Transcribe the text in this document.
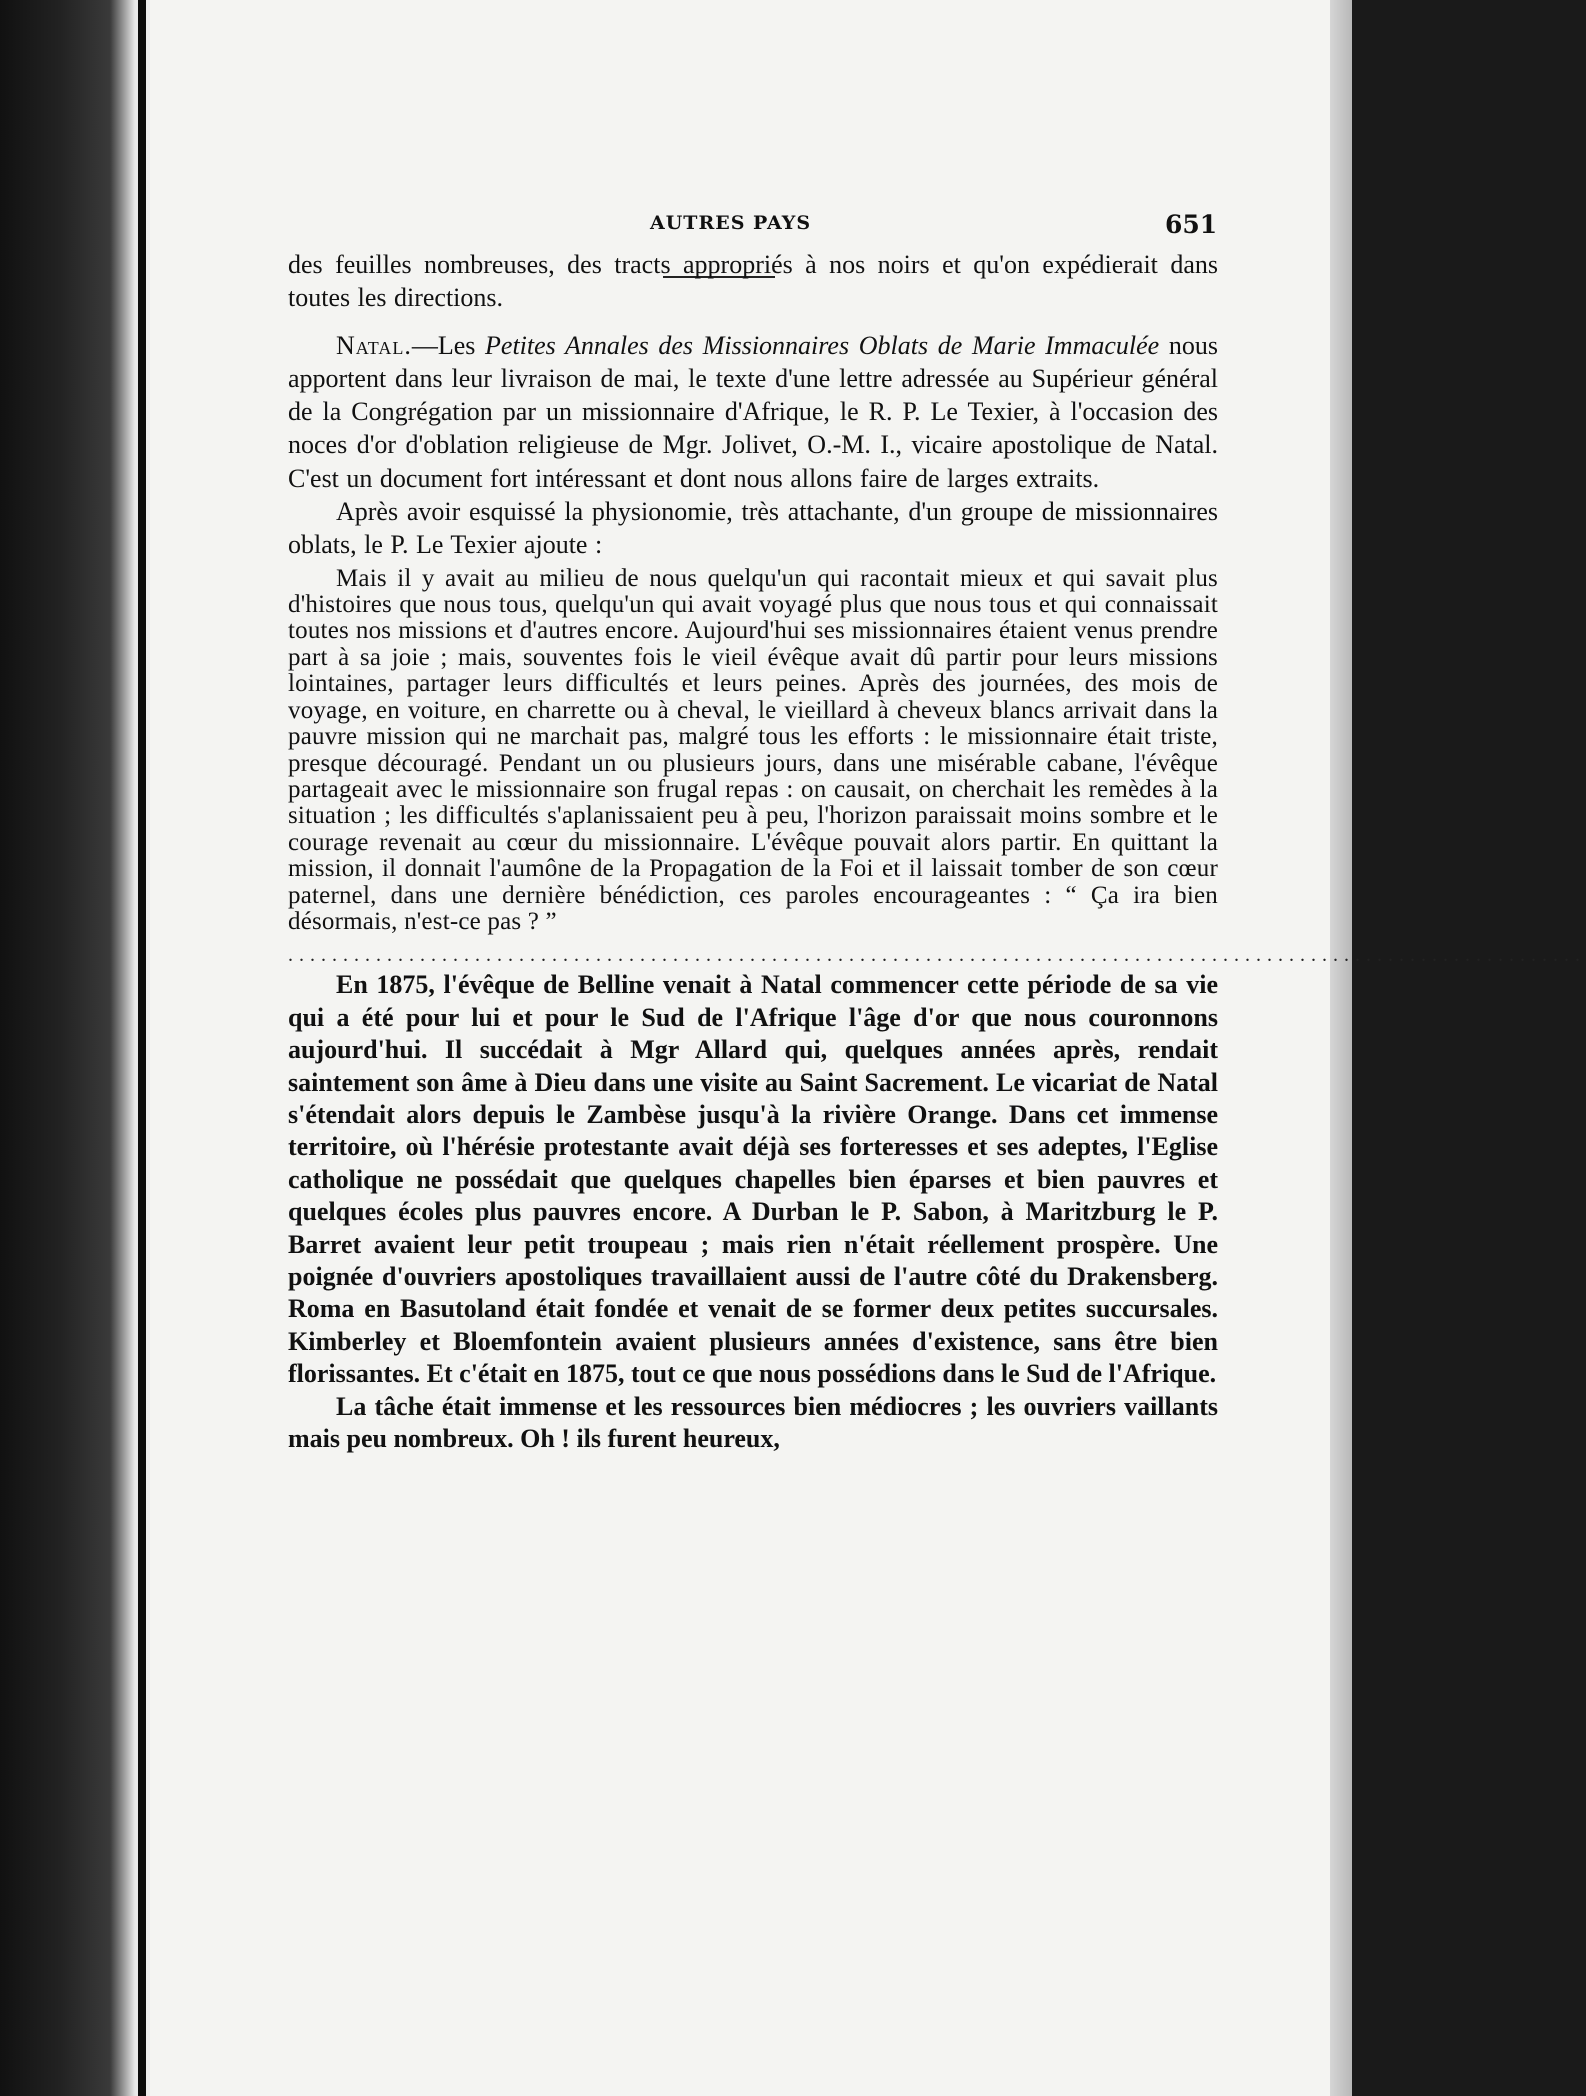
AUTRES PAYS	651

des feuilles nombreuses, des tracts appropriés à nos noirs et qu'on expédierait dans toutes les directions.

Natal.—Les Petites Annales des Missionnaires Oblats de Marie Immaculée nous apportent dans leur livraison de mai, le texte d'une lettre adressée au Supérieur général de la Congrégation par un missionnaire d'Afrique, le R. P. Le Texier, à l'occasion des noces d'or d'oblation religieuse de Mgr. Jolivet, O.-M. I., vicaire apostolique de Natal. C'est un document fort intéressant et dont nous allons faire de larges extraits.

Après avoir esquissé la physionomie, très attachante, d'un groupe de missionnaires oblats, le P. Le Texier ajoute :

Mais il y avait au milieu de nous quelqu'un qui racontait mieux et qui savait plus d'histoires que nous tous, quelqu'un qui avait voyagé plus que nous tous et qui connaissait toutes nos missions et d'autres encore. Aujourd'hui ses missionnaires étaient venus prendre part à sa joie ; mais, souventes fois le vieil évêque avait dû partir pour leurs missions lointaines, partager leurs difficultés et leurs peines. Après des journées, des mois de voyage, en voiture, en charrette ou à cheval, le vieillard à cheveux blancs arrivait dans la pauvre mission qui ne marchait pas, malgré tous les efforts : le missionnaire était triste, presque découragé. Pendant un ou plusieurs jours, dans une misérable cabane, l'évêque partageait avec le missionnaire son frugal repas : on causait, on cherchait les remèdes à la situation ; les difficultés s'aplanissaient peu à peu, l'horizon paraissait moins sombre et le courage revenait au cœur du missionnaire. L'évêque pouvait alors partir. En quittant la mission, il donnait l'aumône de la Propagation de la Foi et il laissait tomber de son cœur paternel, dans une dernière bénédiction, ces paroles encourageantes : “ Ça ira bien désormais, n'est-ce pas ? ”

......................................................................................................................

En 1875, l'évêque de Belline venait à Natal commencer cette période de sa vie qui a été pour lui et pour le Sud de l'Afrique l'âge d'or que nous couronnons aujourd'hui. Il succédait à Mgr Allard qui, quelques années après, rendait saintement son âme à Dieu dans une visite au Saint Sacrement. Le vicariat de Natal s'étendait alors depuis le Zambèse jusqu'à la rivière Orange. Dans cet immense territoire, où l'hérésie protestante avait déjà ses forteresses et ses adeptes, l'Eglise catholique ne possédait que quelques chapelles bien éparses et bien pauvres et quelques écoles plus pauvres encore. A Durban le P. Sabon, à Maritzburg le P. Barret avaient leur petit troupeau ; mais rien n'était réellement prospère. Une poignée d'ouvriers apostoliques travaillaient aussi de l'autre côté du Drakensberg. Roma en Basutoland était fondée et venait de se former deux petites succursales. Kimberley et Bloemfontein avaient plusieurs années d'existence, sans être bien florissantes. Et c'était en 1875, tout ce que nous possédions dans le Sud de l'Afrique.

La tâche était immense et les ressources bien médiocres ; les ouvriers vaillants mais peu nombreux. Oh ! ils furent heureux,
